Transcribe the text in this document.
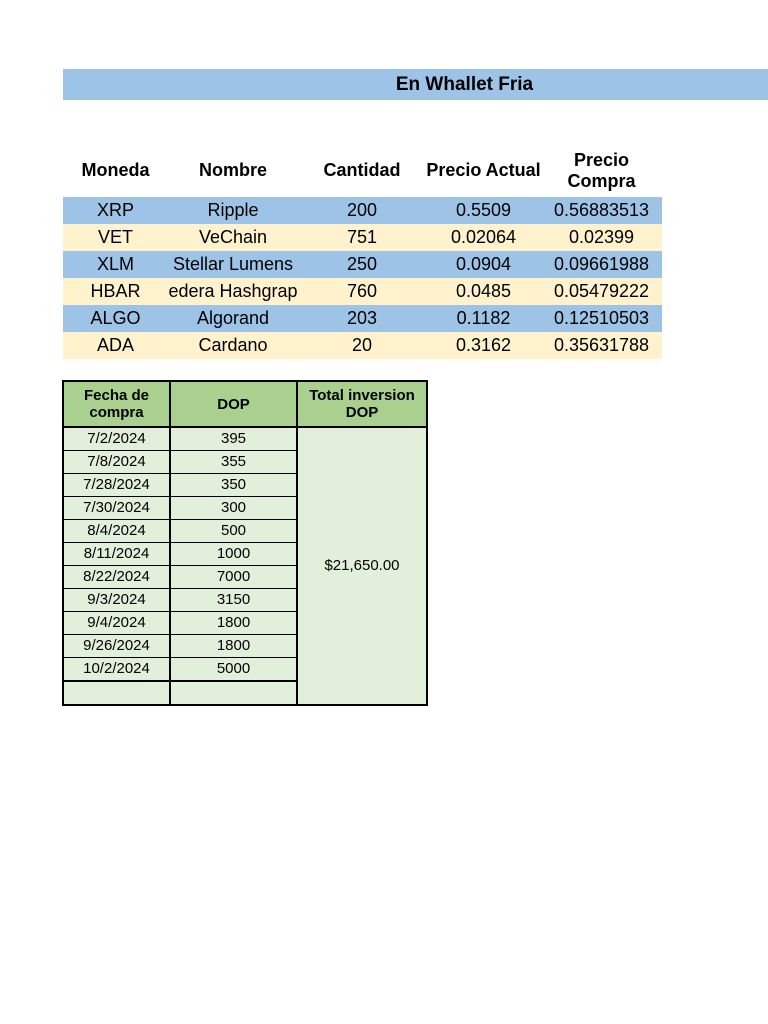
En Whallet Fria
Moneda	Nombre	Cantidad	Precio Actual	Precio Compra
XRP	Ripple	200	0.5509	0.56883513
VET	VeChain	751	0.02064	0.02399
XLM	Stellar Lumens	250	0.0904	0.09661988
HBAR	edera Hashgrap	760	0.0485	0.05479222
ALGO	Algorand	203	0.1182	0.12510503
ADA	Cardano	20	0.3162	0.35631788
Fecha de compra	DOP	Total inversion DOP
7/2/2024	395	$21,650.00
7/8/2024	355	
7/28/2024	350	
7/30/2024	300	
8/4/2024	500	
8/11/2024	1000	
8/22/2024	7000	
9/3/2024	3150	
9/4/2024	1800	
9/26/2024	1800	
10/2/2024	5000	
